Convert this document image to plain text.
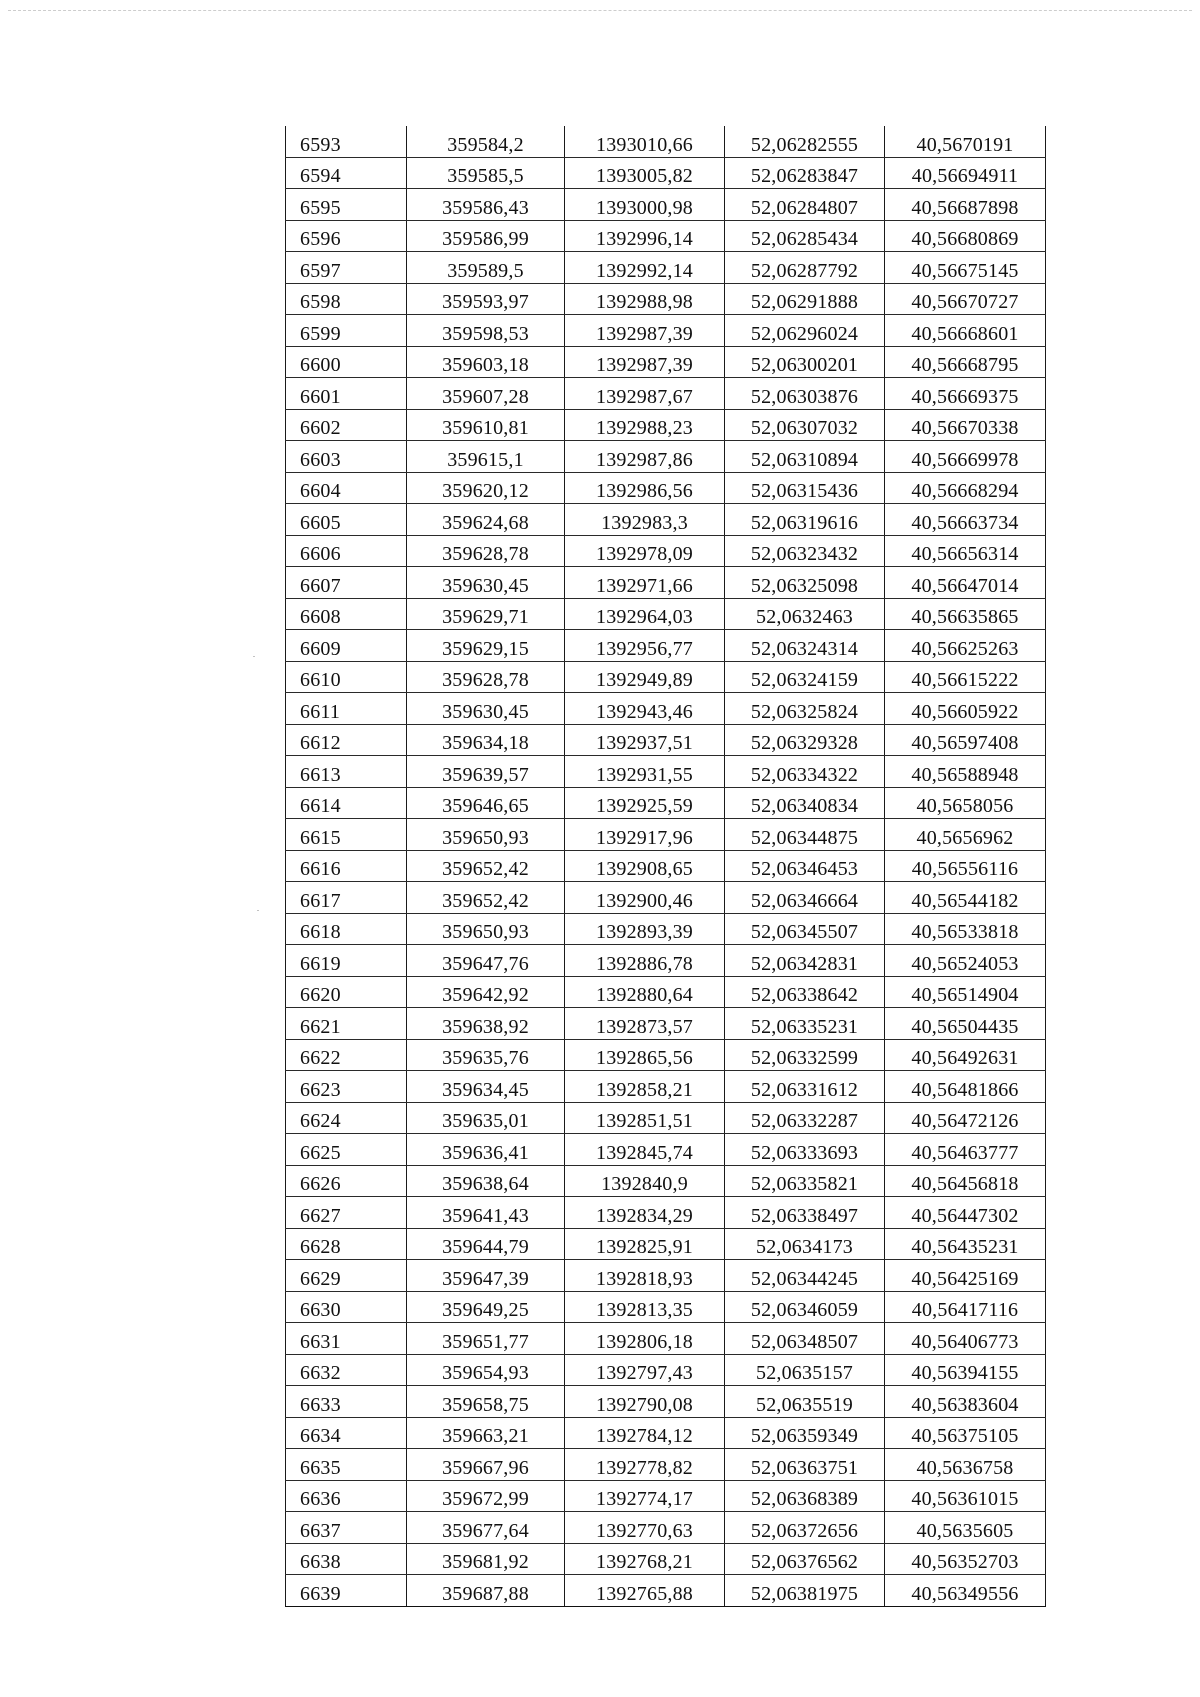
6593	359584,2	1393010,66	52,06282555	40,5670191
6594	359585,5	1393005,82	52,06283847	40,56694911
6595	359586,43	1393000,98	52,06284807	40,56687898
6596	359586,99	1392996,14	52,06285434	40,56680869
6597	359589,5	1392992,14	52,06287792	40,56675145
6598	359593,97	1392988,98	52,06291888	40,56670727
6599	359598,53	1392987,39	52,06296024	40,56668601
6600	359603,18	1392987,39	52,06300201	40,56668795
6601	359607,28	1392987,67	52,06303876	40,56669375
6602	359610,81	1392988,23	52,06307032	40,56670338
6603	359615,1	1392987,86	52,06310894	40,56669978
6604	359620,12	1392986,56	52,06315436	40,56668294
6605	359624,68	1392983,3	52,06319616	40,56663734
6606	359628,78	1392978,09	52,06323432	40,56656314
6607	359630,45	1392971,66	52,06325098	40,56647014
6608	359629,71	1392964,03	52,0632463	40,56635865
6609	359629,15	1392956,77	52,06324314	40,56625263
6610	359628,78	1392949,89	52,06324159	40,56615222
6611	359630,45	1392943,46	52,06325824	40,56605922
6612	359634,18	1392937,51	52,06329328	40,56597408
6613	359639,57	1392931,55	52,06334322	40,56588948
6614	359646,65	1392925,59	52,06340834	40,5658056
6615	359650,93	1392917,96	52,06344875	40,5656962
6616	359652,42	1392908,65	52,06346453	40,56556116
6617	359652,42	1392900,46	52,06346664	40,56544182
6618	359650,93	1392893,39	52,06345507	40,56533818
6619	359647,76	1392886,78	52,06342831	40,56524053
6620	359642,92	1392880,64	52,06338642	40,56514904
6621	359638,92	1392873,57	52,06335231	40,56504435
6622	359635,76	1392865,56	52,06332599	40,56492631
6623	359634,45	1392858,21	52,06331612	40,56481866
6624	359635,01	1392851,51	52,06332287	40,56472126
6625	359636,41	1392845,74	52,06333693	40,56463777
6626	359638,64	1392840,9	52,06335821	40,56456818
6627	359641,43	1392834,29	52,06338497	40,56447302
6628	359644,79	1392825,91	52,0634173	40,56435231
6629	359647,39	1392818,93	52,06344245	40,56425169
6630	359649,25	1392813,35	52,06346059	40,56417116
6631	359651,77	1392806,18	52,06348507	40,56406773
6632	359654,93	1392797,43	52,0635157	40,56394155
6633	359658,75	1392790,08	52,0635519	40,56383604
6634	359663,21	1392784,12	52,06359349	40,56375105
6635	359667,96	1392778,82	52,06363751	40,5636758
6636	359672,99	1392774,17	52,06368389	40,56361015
6637	359677,64	1392770,63	52,06372656	40,5635605
6638	359681,92	1392768,21	52,06376562	40,56352703
6639	359687,88	1392765,88	52,06381975	40,56349556
